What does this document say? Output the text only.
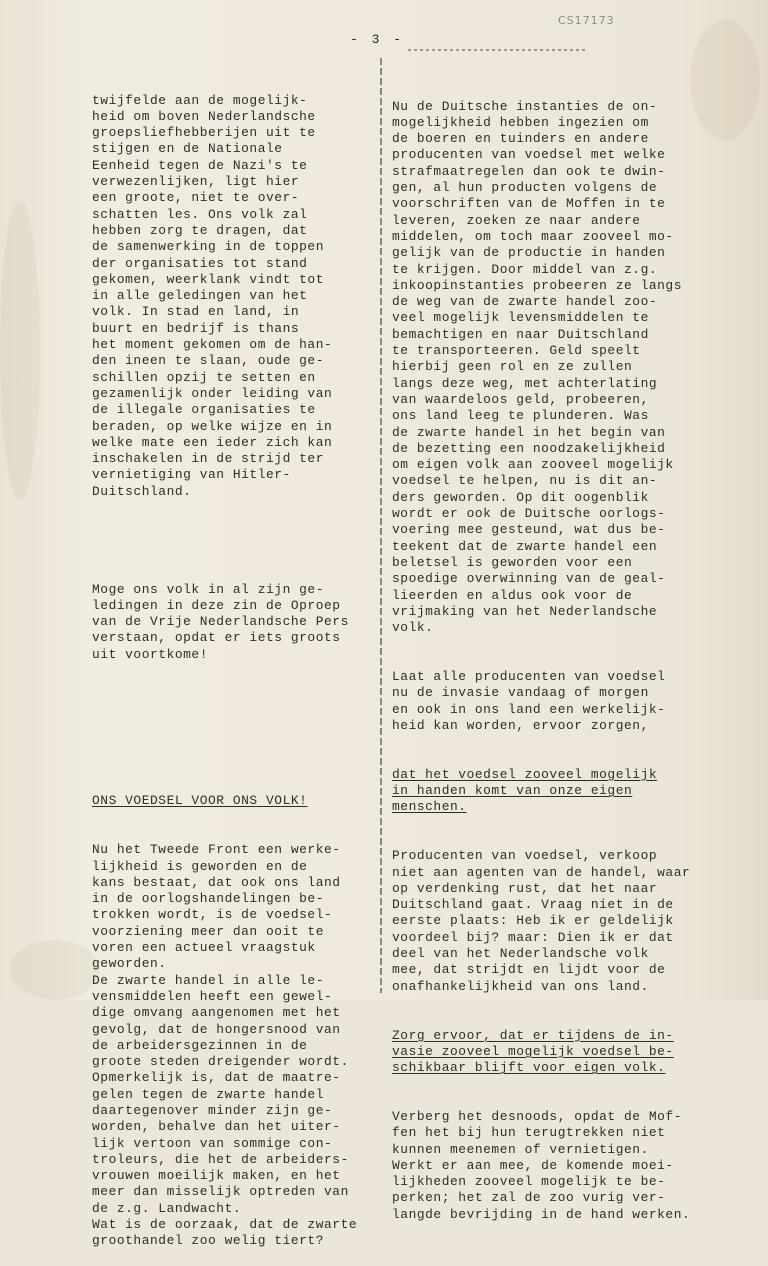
CS17173
- 3 -

twijfelde aan de mogelijk-
heid om boven Nederlandsche
groepsliefhebberijen uit te
stijgen en de Nationale
Eenheid tegen de Nazi's te
verwezenlijken, ligt hier
een groote, niet te over-
schatten les. Ons volk zal
hebben zorg te dragen, dat
de samenwerking in de toppen
der organisaties tot stand
gekomen, weerklank vindt tot
in alle geledingen van het
volk. In stad en land, in
buurt en bedrijf is thans
het moment gekomen om de han-
den ineen te slaan, oude ge-
schillen opzij te setten en
gezamenlijk onder leiding van
de illegale organisaties te
beraden, op welke wijze en in
welke mate een ieder zich kan
inschakelen in de strijd ter
vernietiging van Hitler-
Duitschland.

Moge ons volk in al zijn ge-
ledingen in deze zin de Oproep
van de Vrije Nederlandsche Pers
verstaan, opdat er iets groots
uit voortkome!

ONS VOEDSEL VOOR ONS VOLK!

Nu het Tweede Front een werke-
lijkheid is geworden en de
kans bestaat, dat ook ons land
in de oorlogshandelingen be-
trokken wordt, is de voedsel-
voorziening meer dan ooit te
voren een actueel vraagstuk
geworden.
De zwarte handel in alle le-
vensmiddelen heeft een gewel-
dige omvang aangenomen met het
gevolg, dat de hongersnood van
de arbeidersgezinnen in de
groote steden dreigender wordt.
Opmerkelijk is, dat de maatre-
gelen tegen de zwarte handel
daartegenover minder zijn ge-
worden, behalve dan het uiter-
lijk vertoon van sommige con-
troleurs, die het de arbeiders-
vrouwen moeilijk maken, en het
meer dan misselijk optreden van
de z.g. Landwacht.
Wat is de oorzaak, dat de zwarte
groothandel zoo welig tiert?

Nu de Duitsche instanties de on-
mogelijkheid hebben ingezien om
de boeren en tuinders en andere
producenten van voedsel met welke
strafmaatregelen dan ook te dwin-
gen, al hun producten volgens de
voorschriften van de Moffen in te
leveren, zoeken ze naar andere
middelen, om toch maar zooveel mo-
gelijk van de productie in handen
te krijgen. Door middel van z.g.
inkoopinstanties probeeren ze langs
de weg van de zwarte handel zoo-
veel mogelijk levensmiddelen te
bemachtigen en naar Duitschland
te transporteeren. Geld speelt
hierbij geen rol en ze zullen
langs deze weg, met achterlating
van waardeloos geld, probeeren,
ons land leeg te plunderen. Was
de zwarte handel in het begin van
de bezetting een noodzakelijkheid
om eigen volk aan zooveel mogelijk
voedsel te helpen, nu is dit an-
ders geworden. Op dit oogenblik
wordt er ook de Duitsche oorlogs-
voering mee gesteund, wat dus be-
teekent dat de zwarte handel een
beletsel is geworden voor een
spoedige overwinning van de geal-
lieerden en aldus ook voor de
vrijmaking van het Nederlandsche
volk.

Laat alle producenten van voedsel
nu de invasie vandaag of morgen
en ook in ons land een werkelijk-
heid kan worden, ervoor zorgen,

dat het voedsel zooveel mogelijk
in handen komt van onze eigen
menschen.

Producenten van voedsel, verkoop
niet aan agenten van de handel, waar
op verdenking rust, dat het naar
Duitschland gaat. Vraag niet in de
eerste plaats: Heb ik er geldelijk
voordeel bij? maar: Dien ik er dat
deel van het Nederlandsche volk
mee, dat strijdt en lijdt voor de
onafhankelijkheid van ons land.

Zorg ervoor, dat er tijdens de in-
vasie zooveel mogelijk voedsel be-
schikbaar blijft voor eigen volk.

Verberg het desnoods, opdat de Mof-
fen het bij hun terugtrekken niet
kunnen meenemen of vernietigen.
Werkt er aan mee, de komende moei-
lijkheden zooveel mogelijk te be-
perken; het zal de zoo vurig ver-
langde bevrijding in de hand werken.
